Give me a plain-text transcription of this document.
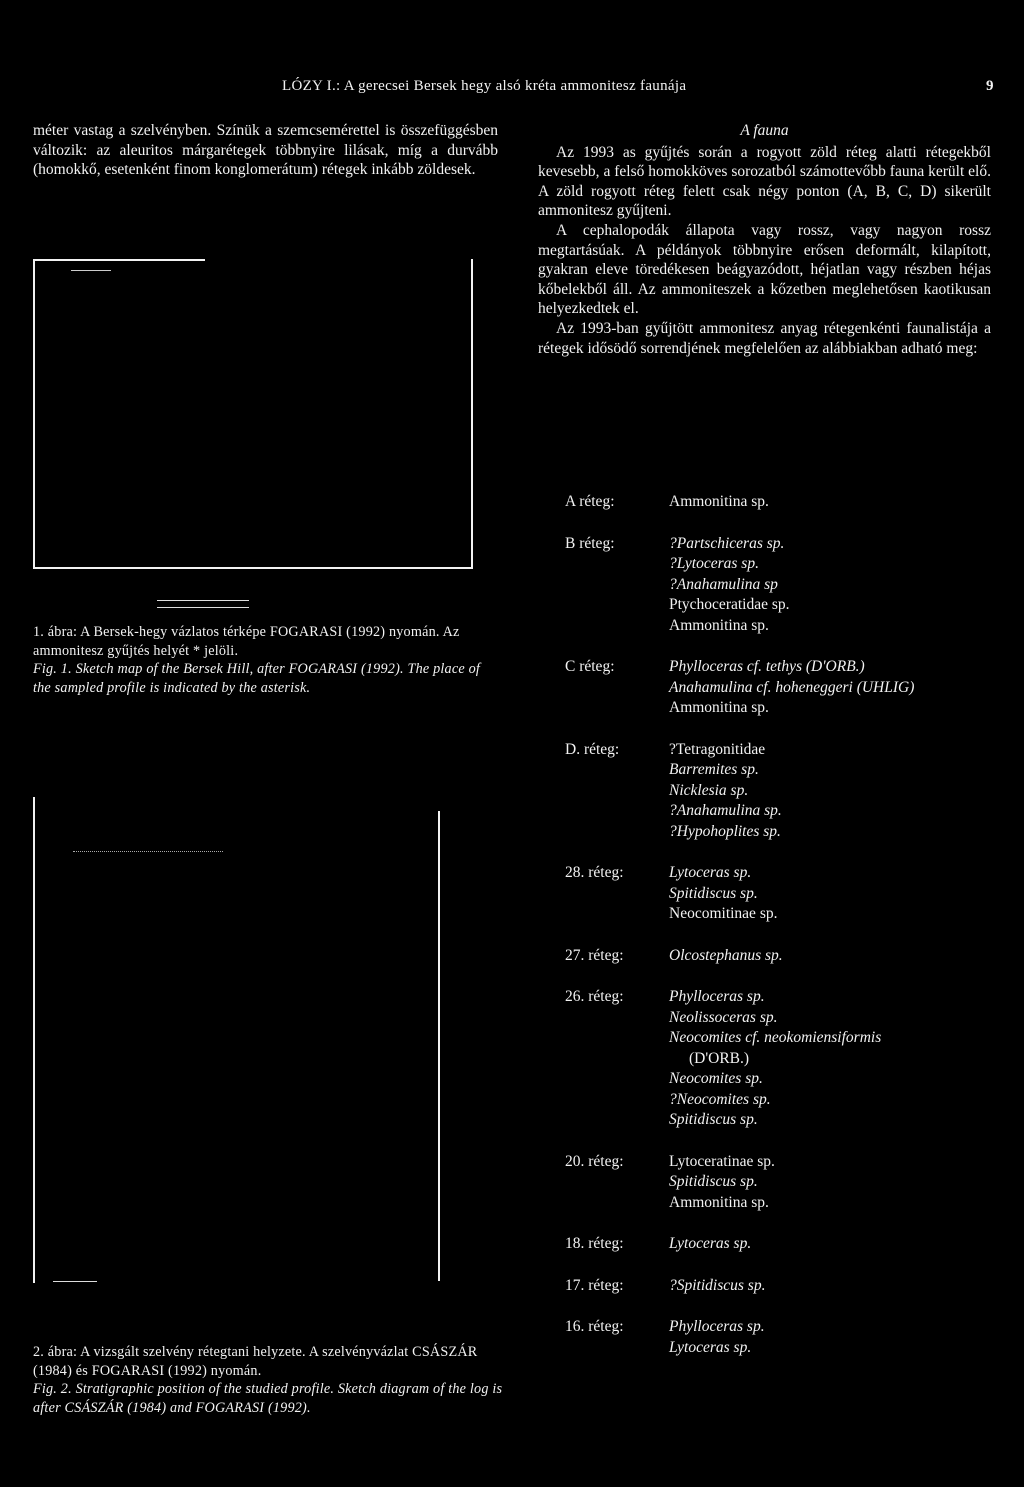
LÓZY I.: A gerecsei Bersek hegy alsó kréta ammonitesz faunája	9
méter vastag a szelvényben. Színük a szemcsemérettel is összefüggésben változik: az aleuritos márgarétegek többnyire lilásak, míg a durvább (homokkő, esetenként finom konglomerátum) rétegek inkább zöldesek.
1. ábra: A Bersek-hegy vázlatos térképe FOGARASI (1992) nyomán. Az ammonitesz gyűjtés helyét * jelöli.
Fig. 1. Sketch map of the Bersek Hill, after FOGARASI (1992). The place of the sampled profile is indicated by the asterisk.
2. ábra: A vizsgált szelvény rétegtani helyzete. A szelvényvázlat CSÁSZÁR (1984) és FOGARASI (1992) nyomán.
Fig. 2. Stratigraphic position of the studied profile. Sketch diagram of the log is after CSÁSZÁR (1984) and FOGARASI (1992).

A fauna

Az 1993 as gyűjtés során a rogyott zöld réteg alatti rétegekből kevesebb, a felső homokköves sorozatból számottevőbb fauna került elő. A zöld rogyott réteg felett csak négy ponton (A, B, C, D) sikerült ammonitesz gyűjteni.

A cephalopodák állapota vagy rossz, vagy nagyon rossz megtartásúak. A példányok többnyire erősen deformált, kilapított, gyakran eleve töredékesen beágyazódott, héjatlan vagy részben héjas kőbelekből áll. Az ammoniteszek a kőzetben meglehetősen kaotikusan helyezkedtek el.

Az 1993-ban gyűjtött ammonitesz anyag rétegenkénti faunalistája a rétegek idősödő sorrendjének megfelelően az alábbiakban adható meg:

A réteg:	Ammonitina sp.
B réteg:	?Partschiceras sp.
?Lytoceras sp.
?Anahamulina sp
Ptychoceratidae sp.
Ammonitina sp.
C réteg:	Phylloceras cf. tethys (D'ORB.)
Anahamulina cf. hoheneggeri (UHLIG)
Ammonitina sp.
D. réteg:	?Tetragonitidae
Barremites sp.
Nicklesia sp.
?Anahamulina sp.
?Hypohoplites sp.
28. réteg:	Lytoceras sp.
Spitidiscus sp.
Neocomitinae sp.
27. réteg:	Olcostephanus sp.
26. réteg:	Phylloceras sp.
Neolissoceras sp.
Neocomites cf. neokomiensiformis
(D'ORB.)
Neocomites sp.
?Neocomites sp.
Spitidiscus sp.
20. réteg:	Lytoceratinae sp.
Spitidiscus sp.
Ammonitina sp.
18. réteg:	Lytoceras sp.
17. réteg:	?Spitidiscus sp.
16. réteg:	Phylloceras sp.
Lytoceras sp.
